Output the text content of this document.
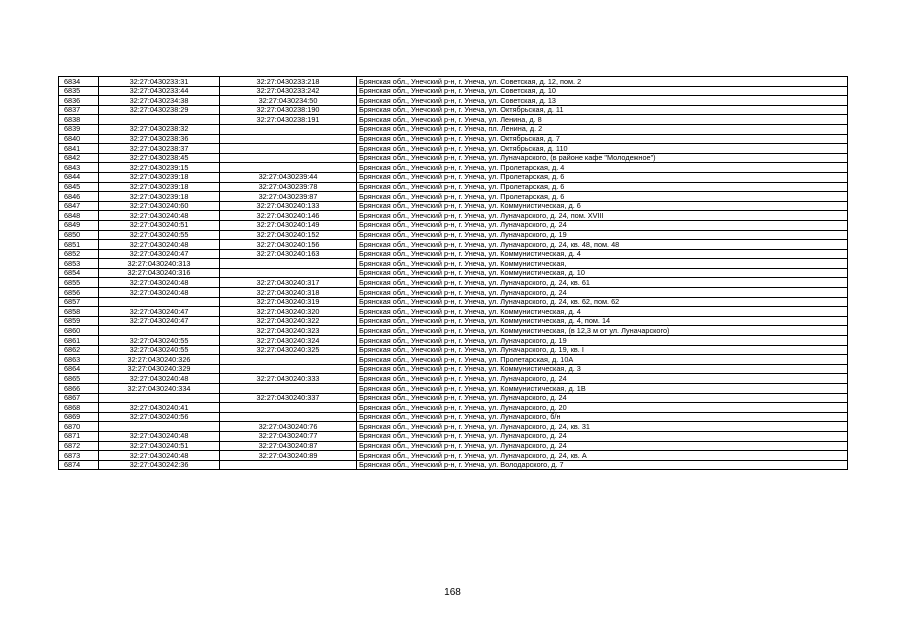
6834	32:27:0430233:31	32:27:0430233:218	Брянская обл., Унечский р-н, г. Унеча, ул. Советская, д. 12, пом. 2
6835	32:27:0430233:44	32:27:0430233:242	Брянская обл., Унечский р-н, г. Унеча, ул. Советская, д. 10
6836	32:27:0430234:38	32:27:0430234:50	Брянская обл., Унечский р-н, г. Унеча, ул. Советская, д. 13
6837	32:27:0430238:29	32:27:0430238:190	Брянская обл., Унечский р-н, г. Унеча, ул. Октябрьская, д. 11
6838		32:27:0430238:191	Брянская обл., Унечский р-н, г. Унеча, ул. Ленина, д. 8
6839	32:27:0430238:32		Брянская обл., Унечский р-н, г. Унеча, пл. Ленина, д. 2
6840	32:27:0430238:36		Брянская обл., Унечский р-н, г. Унеча, ул. Октябрьская, д. 7
6841	32:27:0430238:37		Брянская обл., Унечский р-н, г. Унеча, ул. Октябрьская, д. 110
6842	32:27:0430238:45		Брянская обл., Унечский р-н, г. Унеча, ул. Луначарского, (в районе кафе "Молодежное")
6843	32:27:0430239:15		Брянская обл., Унечский р-н, г. Унеча, ул. Пролетарская, д. 4
6844	32:27:0430239:18	32:27:0430239:44	Брянская обл., Унечский р-н, г. Унеча, ул. Пролетарская, д. 6
6845	32:27:0430239:18	32:27:0430239:78	Брянская обл., Унечский р-н, г. Унеча, ул. Пролетарская, д. 6
6846	32:27:0430239:18	32:27:0430239:87	Брянская обл., Унечский р-н, г. Унеча, ул. Пролетарская, д. 6
6847	32:27:0430240:60	32:27:0430240:133	Брянская обл., Унечский р-н, г. Унеча, ул. Коммунистическая, д. 6
6848	32:27:0430240:48	32:27:0430240:146	Брянская обл., Унечский р-н, г. Унеча, ул. Луначарского, д. 24, пом. XVIII
6849	32:27:0430240:51	32:27:0430240:149	Брянская обл., Унечский р-н, г. Унеча, ул. Луначарского, д. 24
6850	32:27:0430240:55	32:27:0430240:152	Брянская обл., Унечский р-н, г. Унеча, ул. Луначарского, д. 19
6851	32:27:0430240:48	32:27:0430240:156	Брянская обл., Унечский р-н, г. Унеча, ул. Луначарского, д. 24, кв. 48, пом. 48
6852	32:27:0430240:47	32:27:0430240:163	Брянская обл., Унечский р-н, г. Унеча, ул. Коммунистическая, д. 4
6853	32:27:0430240:313		Брянская обл., Унечский р-н, г. Унеча, ул. Коммунистическая,
6854	32:27:0430240:316		Брянская обл., Унечский р-н, г. Унеча, ул. Коммунистическая, д. 10
6855	32:27:0430240:48	32:27:0430240:317	Брянская обл., Унечский р-н, г. Унеча, ул. Луначарского, д. 24, кв. 61
6856	32:27:0430240:48	32:27:0430240:318	Брянская обл., Унечский р-н, г. Унеча, ул. Луначарского, д. 24
6857		32:27:0430240:319	Брянская обл., Унечский р-н, г. Унеча, ул. Луначарского, д. 24, кв. 62, пом. 62
6858	32:27:0430240:47	32:27:0430240:320	Брянская обл., Унечский р-н, г. Унеча, ул. Коммунистическая, д. 4
6859	32:27:0430240:47	32:27:0430240:322	Брянская обл., Унечский р-н, г. Унеча, ул. Коммунистическая, д. 4, пом. 14
6860		32:27:0430240:323	Брянская обл., Унечский р-н, г. Унеча, ул. Коммунистическая, (в 12,3 м от ул. Луначарского)
6861	32:27:0430240:55	32:27:0430240:324	Брянская обл., Унечский р-н, г. Унеча, ул. Луначарского, д. 19
6862	32:27:0430240:55	32:27:0430240:325	Брянская обл., Унечский р-н, г. Унеча, ул. Луначарского, д. 19, кв. I
6863	32:27:0430240:326		Брянская обл., Унечский р-н, г. Унеча, ул. Пролетарская, д. 10А
6864	32:27:0430240:329		Брянская обл., Унечский р-н, г. Унеча, ул. Коммунистическая, д. 3
6865	32:27:0430240:48	32:27:0430240:333	Брянская обл., Унечский р-н, г. Унеча, ул. Луначарского, д. 24
6866	32:27:0430240:334		Брянская обл., Унечский р-н, г. Унеча, ул. Коммунистическая, д. 1В
6867		32:27:0430240:337	Брянская обл., Унечский р-н, г. Унеча, ул. Луначарского, д. 24
6868	32:27:0430240:41		Брянская обл., Унечский р-н, г. Унеча, ул. Луначарского, д. 20
6869	32:27:0430240:56		Брянская обл., Унечский р-н, г. Унеча, ул. Луначарского, б/н
6870		32:27:0430240:76	Брянская обл., Унечский р-н, г. Унеча, ул. Луначарского, д. 24, кв. 31
6871	32:27:0430240:48	32:27:0430240:77	Брянская обл., Унечский р-н, г. Унеча, ул. Луначарского, д. 24
6872	32:27:0430240:51	32:27:0430240:87	Брянская обл., Унечский р-н, г. Унеча, ул. Луначарского, д. 24
6873	32:27:0430240:48	32:27:0430240:89	Брянская обл., Унечский р-н, г. Унеча, ул. Луначарского, д. 24, кв. А
6874	32:27:0430242:36		Брянская обл., Унечский р-н, г. Унеча, ул. Володарского, д. 7
168
